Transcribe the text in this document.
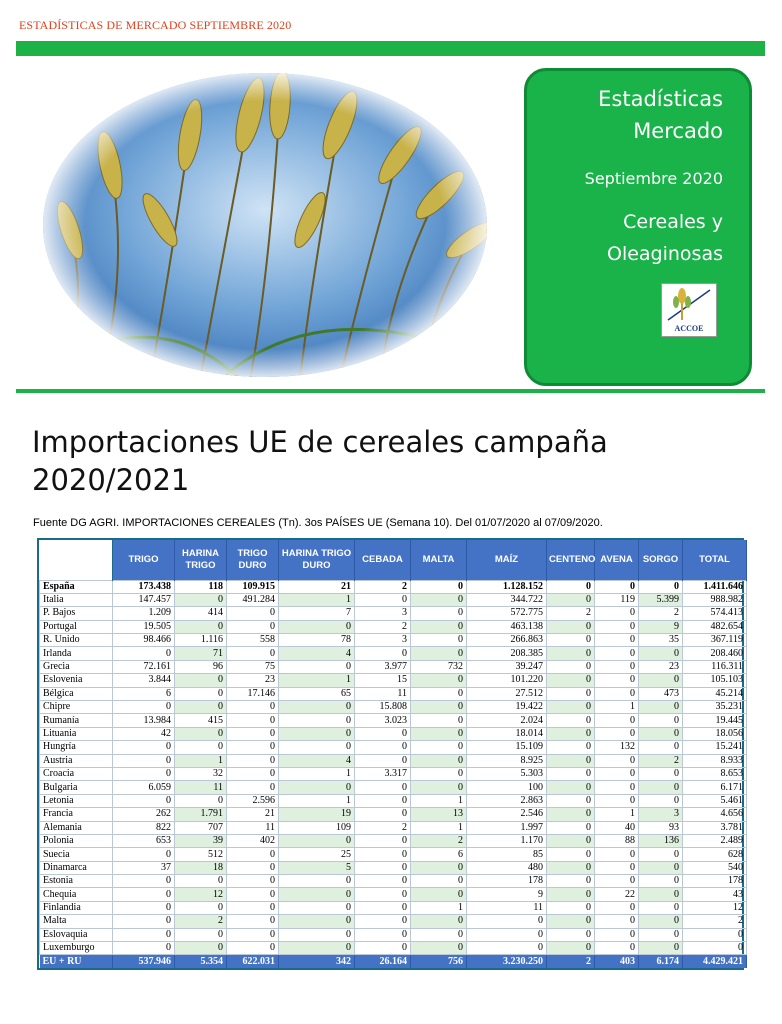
ESTADÍSTICAS DE MERCADO SEPTIEMBRE 2020
Estadísticas
Mercado
Septiembre 2020
Cereales y
Oleaginosas
ACCOE
Importaciones UE de cereales campaña
2020/2021
Fuente DG AGRI. IMPORTACIONES CEREALES (Tn). 3os PAÍSES UE (Semana 10). Del 01/07/2020 al 07/09/2020.
	TRIGO	HARINA TRIGO	TRIGO DURO	HARINA TRIGO DURO	CEBADA	MALTA	MAÍZ	CENTENO	AVENA	SORGO	TOTAL
España	173.438	118	109.915	21	2	0	1.128.152	0	0	0	1.411.646
Italia	147.457	0	491.284	1	0	0	344.722	0	119	5.399	988.982
P. Bajos	1.209	414	0	7	3	0	572.775	2	0	2	574.413
Portugal	19.505	0	0	0	2	0	463.138	0	0	9	482.654
R. Unido	98.466	1.116	558	78	3	0	266.863	0	0	35	367.119
Irlanda	0	71	0	4	0	0	208.385	0	0	0	208.460
Grecia	72.161	96	75	0	3.977	732	39.247	0	0	23	116.311
Eslovenia	3.844	0	23	1	15	0	101.220	0	0	0	105.103
Bélgica	6	0	17.146	65	11	0	27.512	0	0	473	45.214
Chipre	0	0	0	0	15.808	0	19.422	0	1	0	35.231
Rumanía	13.984	415	0	0	3.023	0	2.024	0	0	0	19.445
Lituania	42	0	0	0	0	0	18.014	0	0	0	18.056
Hungría	0	0	0	0	0	0	15.109	0	132	0	15.241
Austria	0	1	0	4	0	0	8.925	0	0	2	8.933
Croacia	0	32	0	1	3.317	0	5.303	0	0	0	8.653
Bulgaria	6.059	11	0	0	0	0	100	0	0	0	6.171
Letonia	0	0	2.596	1	0	1	2.863	0	0	0	5.461
Francia	262	1.791	21	19	0	13	2.546	0	1	3	4.656
Alemania	822	707	11	109	2	1	1.997	0	40	93	3.781
Polonia	653	39	402	0	0	2	1.170	0	88	136	2.489
Suecia	0	512	0	25	0	6	85	0	0	0	628
Dinamarca	37	18	0	5	0	0	480	0	0	0	540
Estonia	0	0	0	0	0	0	178	0	0	0	178
Chequia	0	12	0	0	0	0	9	0	22	0	43
Finlandia	0	0	0	0	0	1	11	0	0	0	12
Malta	0	2	0	0	0	0	0	0	0	0	2
Eslovaquia	0	0	0	0	0	0	0	0	0	0	0
Luxemburgo	0	0	0	0	0	0	0	0	0	0	0
EU + RU	537.946	5.354	622.031	342	26.164	756	3.230.250	2	403	6.174	4.429.421
